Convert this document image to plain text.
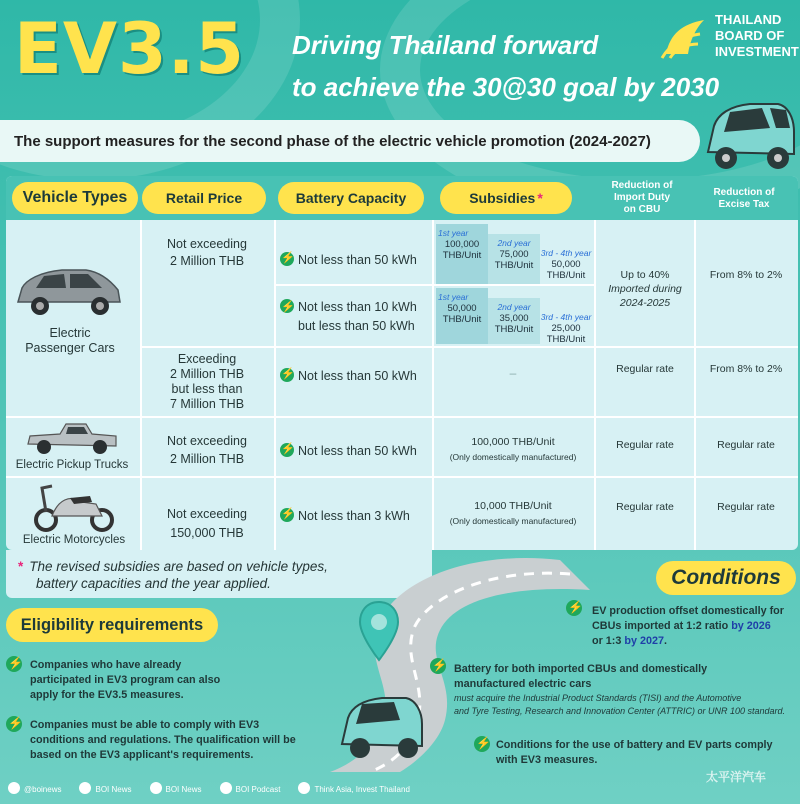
EV3.5 Driving Thailand forward
to achieve the 30@30 goal by 2030
THAILAND
BOARD OF
INVESTMENT
The support measures for the second phase of the electric vehicle promotion (2024-2027)
Vehicle Types	Retail Price	Battery Capacity	Subsidies *
Reduction of
Import Duty
on CBU
Reduction of
Excise Tax
Electric
Passenger Cars
Not exceeding
2 Million THB
⚡	Not less than 50 kWh
⚡Not less than 10 kWh
but less than 50 kWh
1st year
100,000
THB/Unit
2nd year
75,000
THB/Unit
3rd - 4th year
50,000
THB/Unit
1st year
50,000
THB/Unit
2nd year
35,000
THB/Unit
3rd - 4th year
25,000
THB/Unit
Up to 40%
Imported during
2024-2025
From 8% to 2%
Exceeding
2 Million THB
but less than
7 Million THB
⚡Not less than 50 kWh	–	Regular rate	From 8% to 2%
Electric Pickup Trucks
Not exceeding
2 Million THB
⚡Not less than 50 kWh
100,000 THB/Unit
(Only domestically manufactured)
Regular rate	Regular rate
Electric Motorcycles
Not exceeding
150,000 THB
⚡Not less than 3 kWh
10,000 THB/Unit
(Only domestically manufactured)
Regular rate	Regular rate
* The revised subsidies are based on vehicle types,
battery capacities and the year applied.	Conditions
⚡
EV production offset domestically for
CBUs imported at 1:2 ratio by 2026
or 1:3 by 2027.
⚡
Battery for both imported CBUs and domestically
manufactured electric cars
must acquire the Industrial Product Standards (TISI) and the Automotive
and Tyre Testing, Research and Innovation Center (ATTRIC) or UNR 100 standard.
⚡
Conditions for the use of battery and EV parts comply
with EV3 measures.
Eligibility requirements
⚡
Companies who have already
participated in EV3 program can also
apply for the EV3.5 measures.
⚡
Companies must be able to comply with EV3
conditions and regulations. The qualification will be
based on the EV3 applicant's requirements.
@boinews	BOI News	BOI News	BOI Podcast	Think Asia, Invest Thailand
太平洋汽车
